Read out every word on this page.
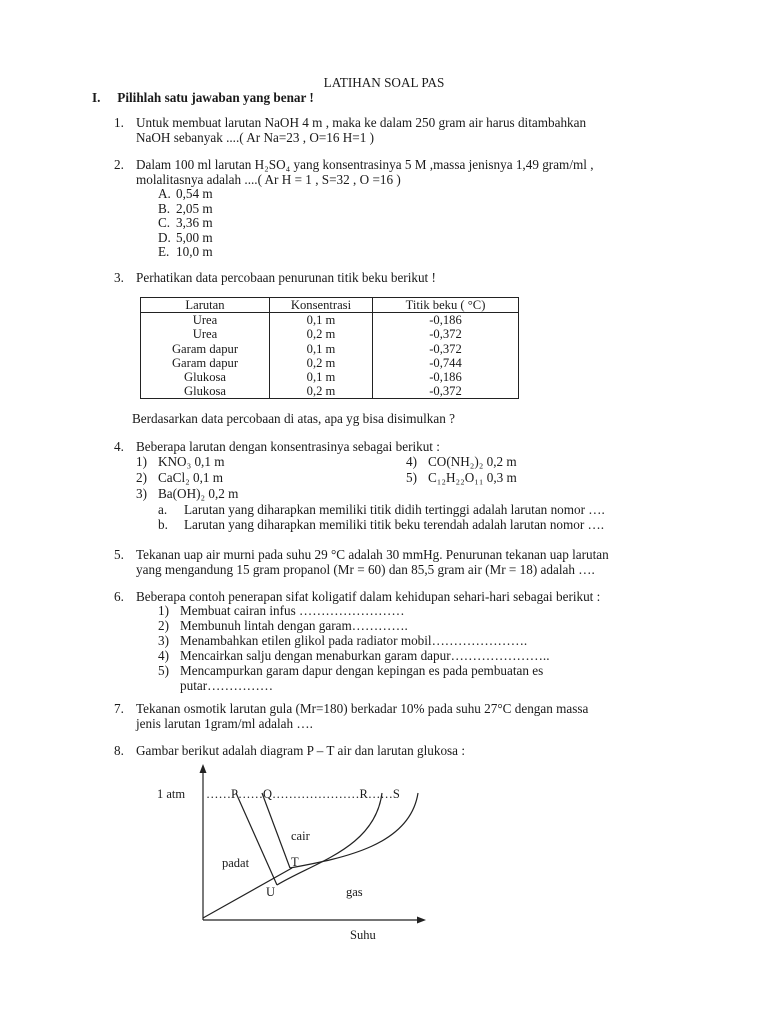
LATIHAN SOAL PAS
I. Pilihlah satu jawaban yang benar !
1. Untuk membuat larutan NaOH 4 m , maka ke dalam 250 gram air harus ditambahkan
NaOH sebanyak ....( Ar Na=23 , O=16 H=1 )
2. Dalam 100 ml larutan H₂SO₄ yang konsentrasinya 5 M ,massa jenisnya 1,49 gram/ml ,
molalitasnya adalah ....( Ar H = 1 , S=32 , O =16 )
A. 0,54 m
B. 2,05 m
C. 3,36 m
D. 5,00 m
E. 10,0 m
3. Perhatikan data percobaan penurunan titik beku berikut !
Larutan	Konsentrasi	Titik beku ( °C)
Urea	0,1 m	-0,186
Urea	0,2 m	-0,372
Garam dapur	0,1 m	-0,372
Garam dapur	0,2 m	-0,744
Glukosa	0,1 m	-0,186
Glukosa	0,2 m	-0,372
Berdasarkan data percobaan di atas, apa yg bisa disimulkan ?
4. Beberapa larutan dengan konsentrasinya sebagai berikut :
1) KNO₃ 0,1 m
2) CaCl₂ 0,1 m
3) Ba(OH)₂ 0,2 m
4) CO(NH₂)₂ 0,2 m
5) C₁₂H₂₂O₁₁ 0,3 m
a. Larutan yang diharapkan memiliki titik didih tertinggi adalah larutan nomor ….
b. Larutan yang diharapkan memiliki titik beku terendah adalah larutan nomor ….
5. Tekanan uap air murni pada suhu 29 °C adalah 30 mmHg. Penurunan tekanan uap larutan
yang mengandung 15 gram propanol (Mr = 60) dan 85,5 gram air (Mr = 18) adalah ….
6. Beberapa contoh penerapan sifat koligatif dalam kehidupan sehari-hari sebagai berikut :
1) Membuat cairan infus ……………………
2) Membunuh lintah dengan garam………….
3) Menambahkan etilen glikol pada radiator mobil………………….
4) Mencairkan salju dengan menaburkan garam dapur…………………..
5) Mencampurkan garam dapur dengan kepingan es pada pembuatan es
putar……………
7. Tekanan osmotik larutan gula (Mr=180) berkadar 10% pada suhu 27°C dengan massa
jenis larutan 1gram/ml adalah ….
8. Gambar berikut adalah diagram P – T air dan larutan glukosa :
1 atm ……P……Q…………………R……S
cair
padat	T
U	gas
Suhu
